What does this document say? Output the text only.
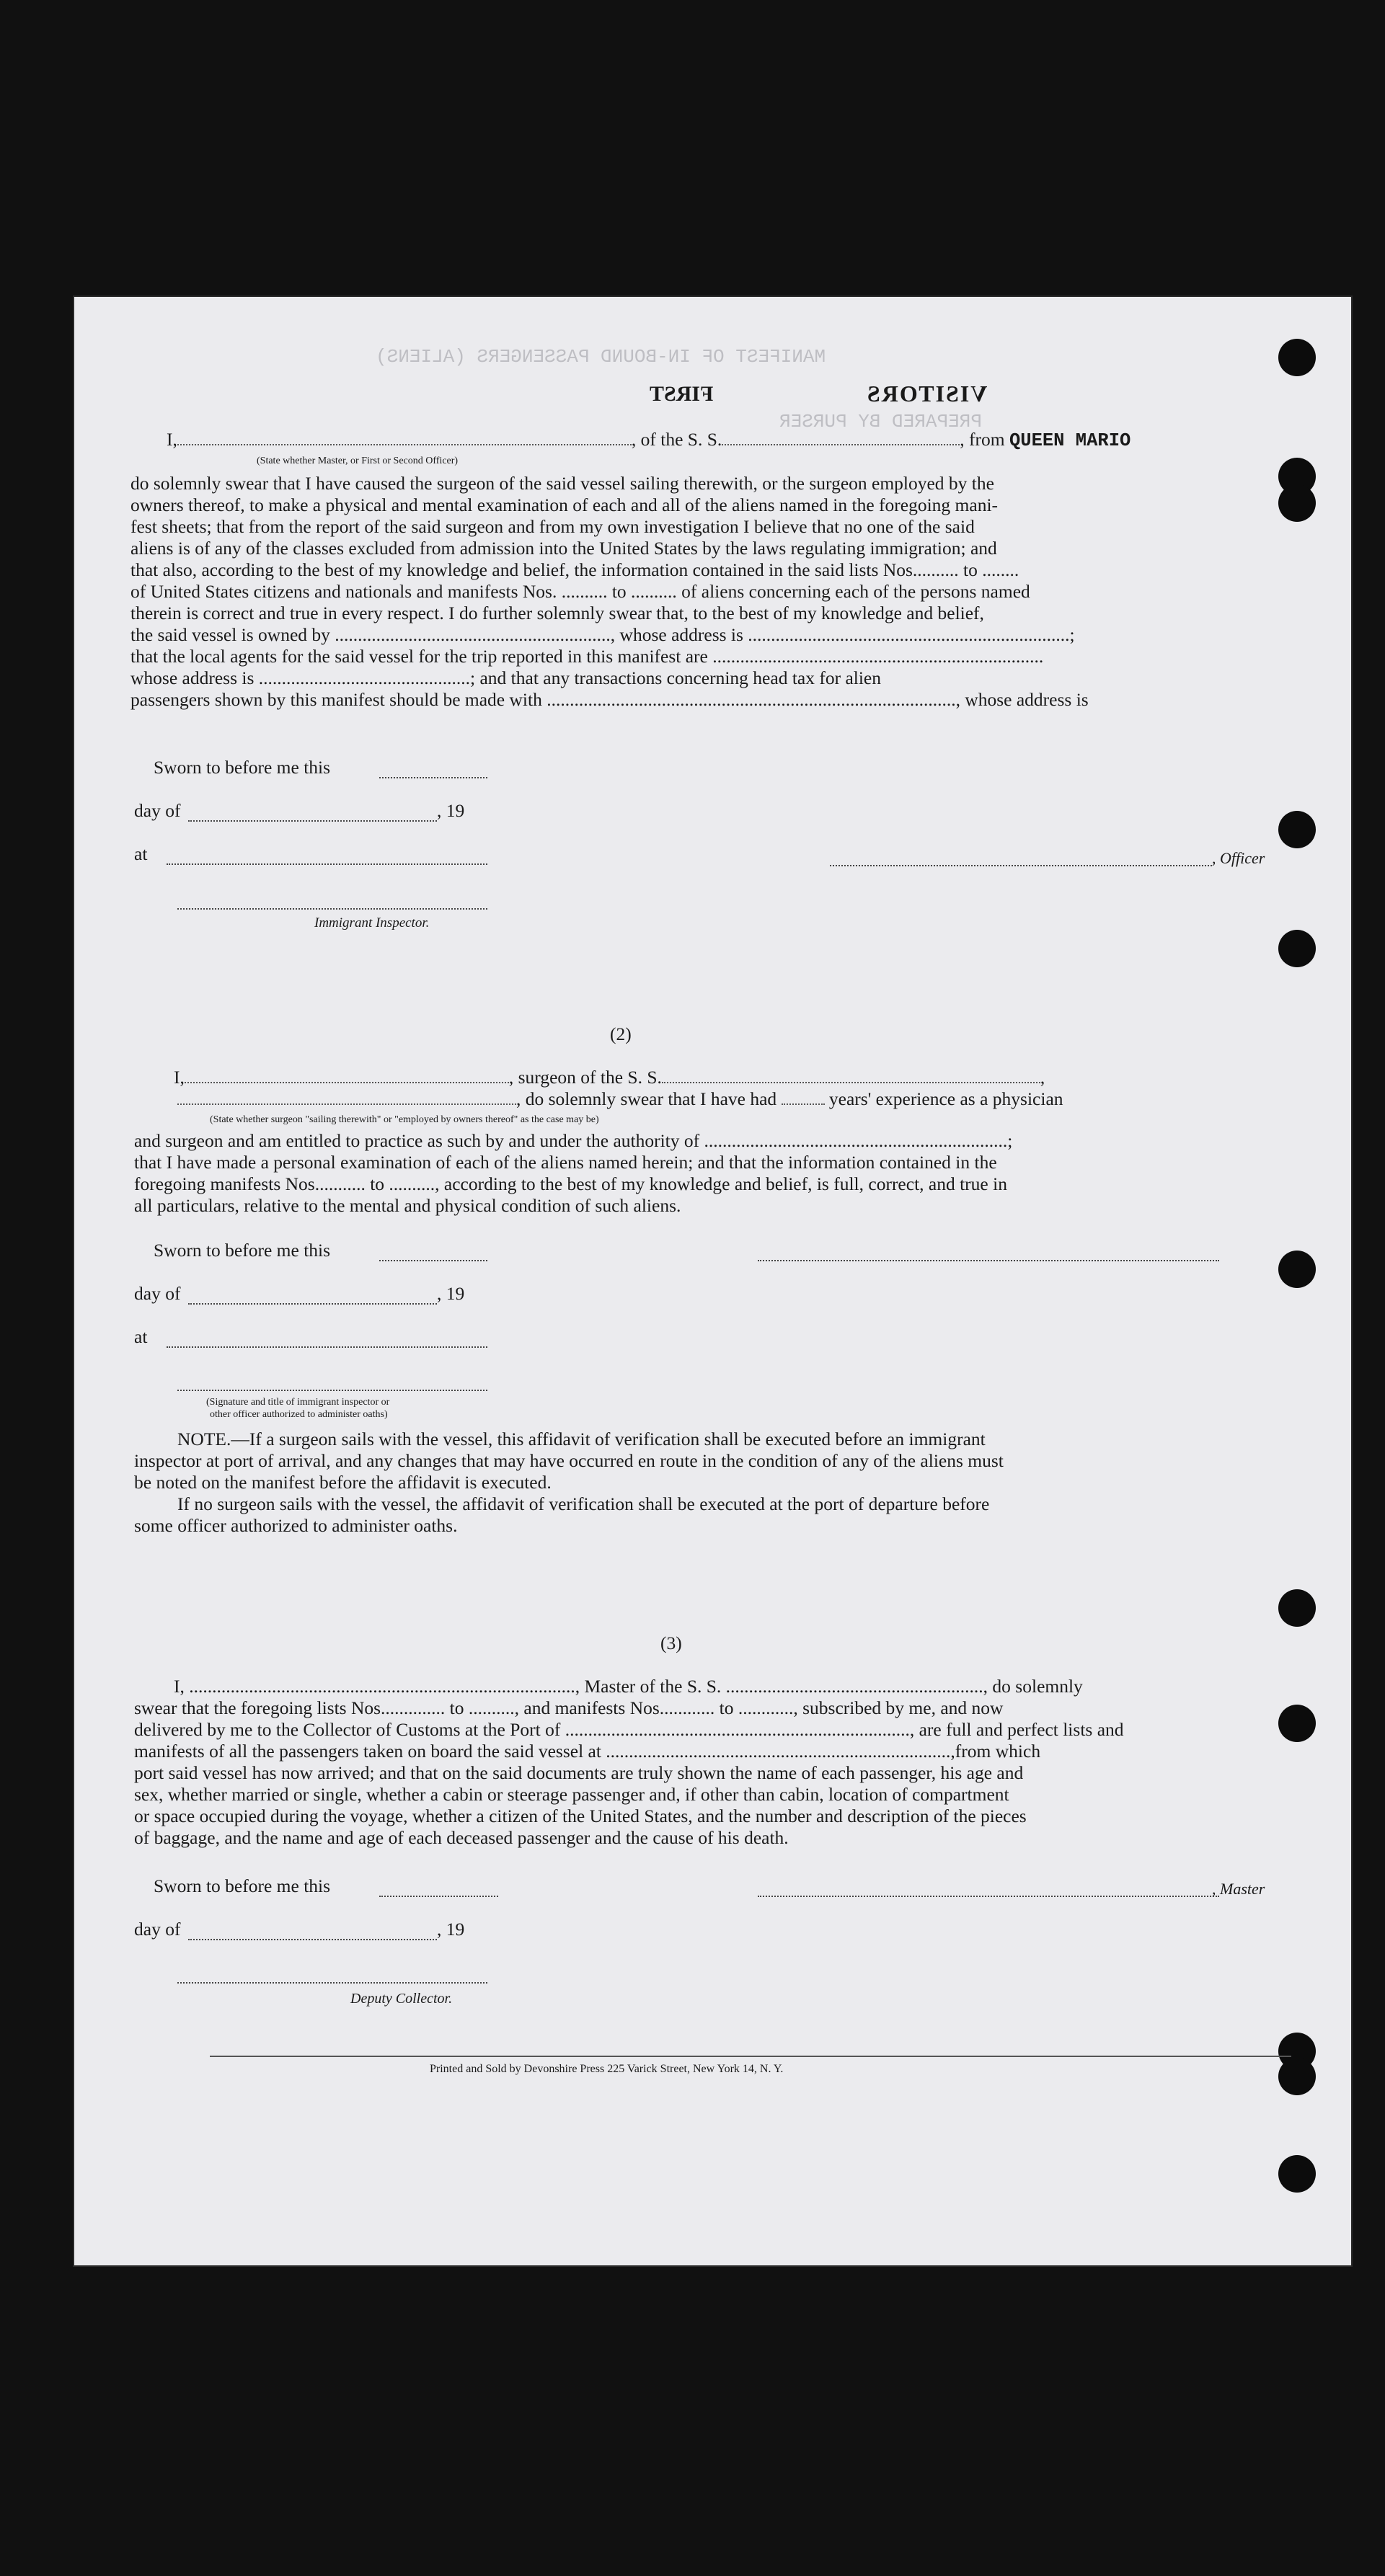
MANIFEST OF IN-BOUND PASSENGERS (ALIENS)
PREPARED BY PURSER
FIRST	VISITORS
I,	, of the S. S.	, from QUEEN MARIO
(State whether Master, or First or Second Officer)
do solemnly swear that I have caused the surgeon of the said vessel sailing therewith, or the surgeon employed by the
owners thereof, to make a physical and mental examination of each and all of the aliens named in the foregoing mani-
fest sheets; that from the report of the said surgeon and from my own investigation I believe that no one of the said
aliens is of any of the classes excluded from admission into the United States by the laws regulating immigration; and
that also, according to the best of my knowledge and belief, the information contained in the said lists Nos.......... to ........
of United States citizens and nationals and manifests Nos. .......... to .......... of aliens concerning each of the persons named
therein is correct and true in every respect. I do further solemnly swear that, to the best of my knowledge and belief,
the said vessel is owned by ............................................................, whose address is ......................................................................;
that the local agents for the said vessel for the trip reported in this manifest are ........................................................................
whose address is ..............................................; and that any transactions concerning head tax for alien
passengers shown by this manifest should be made with ........................................................................................., whose address is
Sworn to before me this
day of	, 19
at
Immigrant Inspector.
, Officer
(2)
I,	, surgeon of the S. S.	,
, do solemnly swear that I have had	years' experience as a physician
(State whether surgeon "sailing therewith" or "employed by owners thereof" as the case may be)
and surgeon and am entitled to practice as such by and under the authority of ..................................................................;
that I have made a personal examination of each of the aliens named herein; and that the information contained in the
foregoing manifests Nos........... to .........., according to the best of my knowledge and belief, is full, correct, and true in
all particulars, relative to the mental and physical condition of such aliens.
Sworn to before me this
day of	, 19
at
(Signature and title of immigrant inspector or
other officer authorized to administer oaths)
NOTE.—If a surgeon sails with the vessel, this affidavit of verification shall be executed before an immigrant
inspector at port of arrival, and any changes that may have occurred en route in the condition of any of the aliens must
be noted on the manifest before the affidavit is executed.
If no surgeon sails with the vessel, the affidavit of verification shall be executed at the port of departure before
some officer authorized to administer oaths.
(3)
I, ...................................................................................., Master of the S. S. ........................................................, do solemnly
swear that the foregoing lists Nos.............. to .........., and manifests Nos............ to ............, subscribed by me, and now
delivered by me to the Collector of Customs at the Port of ..........................................................................., are full and perfect lists and
manifests of all the passengers taken on board the said vessel at ...........................................................................,from which
port said vessel has now arrived; and that on the said documents are truly shown the name of each passenger, his age and
sex, whether married or single, whether a cabin or steerage passenger and, if other than cabin, location of compartment
or space occupied during the voyage, whether a citizen of the United States, and the number and description of the pieces
of baggage, and the name and age of each deceased passenger and the cause of his death.
Sworn to before me this	, Master
day of	, 19
Deputy Collector.
Printed and Sold by Devonshire Press 225 Varick Street, New York 14, N. Y.
